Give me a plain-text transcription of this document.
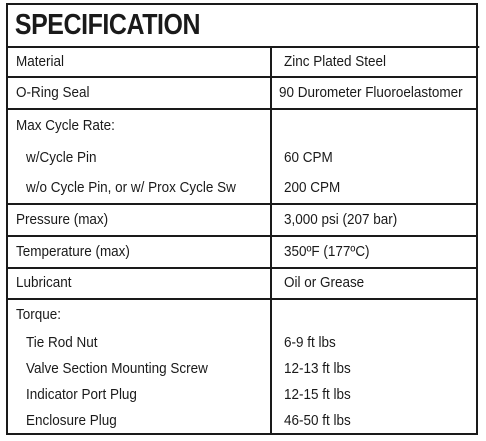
SPECIFICATION
Material	Zinc Plated Steel
O-Ring Seal	90 Durometer Fluoroelastomer
Max Cycle Rate:
w/Cycle Pin	60 CPM
w/o Cycle Pin, or w/ Prox Cycle Sw	200 CPM
Pressure (max)	3,000 psi (207 bar)
Temperature (max)	350ºF (177ºC)
Lubricant	Oil or Grease
Torque:
Tie Rod Nut	6-9 ft lbs
Valve Section Mounting Screw	12-13 ft lbs
Indicator Port Plug	12-15 ft lbs
Enclosure Plug	46-50 ft lbs
